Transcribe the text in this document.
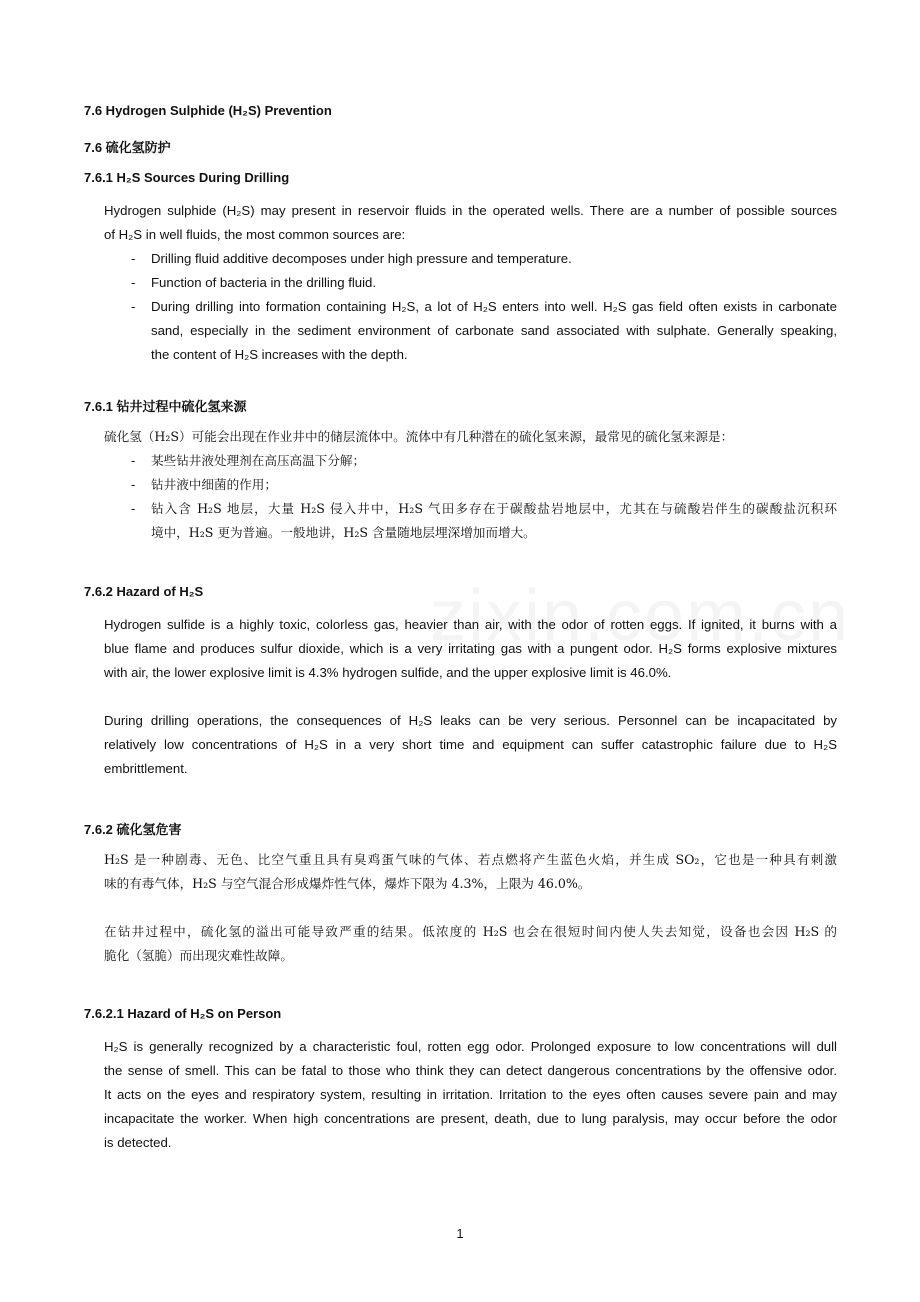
7.6 Hydrogen Sulphide (H₂S) Prevention
7.6 硫化氢防护
7.6.1 H₂S Sources During Drilling
Hydrogen sulphide (H₂S) may present in reservoir fluids in the operated wells. There are a number of possible sources
of H₂S in well fluids, the most common sources are:
- Drilling fluid additive decomposes under high pressure and temperature.
- Function of bacteria in the drilling fluid.
- During drilling into formation containing H₂S, a lot of H₂S enters into well. H₂S gas field often exists in carbonate
sand, especially in the sediment environment of carbonate sand associated with sulphate. Generally speaking,
the content of H₂S increases with the depth.
7.6.1 钻井过程中硫化氢来源
硫化氢（H₂S）可能会出现在作业井中的储层流体中。流体中有几种潜在的硫化氢来源，最常见的硫化氢来源是：
- 某些钻井液处理剂在高压高温下分解；
- 钻井液中细菌的作用；
- 钻入含 H₂S 地层，大量 H₂S 侵入井中，H₂S 气田多存在于碳酸盐岩地层中，尤其在与硫酸岩伴生的碳酸盐沉积环
境中，H₂S 更为普遍。一般地讲，H₂S 含量随地层埋深增加而增大。
7.6.2 Hazard of H₂S
Hydrogen sulfide is a highly toxic, colorless gas, heavier than air, with the odor of rotten eggs. If ignited, it burns with a
blue flame and produces sulfur dioxide, which is a very irritating gas with a pungent odor. H₂S forms explosive mixtures
with air, the lower explosive limit is 4.3% hydrogen sulfide, and the upper explosive limit is 46.0%.
During drilling operations, the consequences of H₂S leaks can be very serious. Personnel can be incapacitated by
relatively low concentrations of H₂S in a very short time and equipment can suffer catastrophic failure due to H₂S
embrittlement.
7.6.2 硫化氢危害
H₂S 是一种剧毒、无色、比空气重且具有臭鸡蛋气味的气体、若点燃将产生蓝色火焰，并生成 SO₂，它也是一种具有刺激
味的有毒气体，H₂S 与空气混合形成爆炸性气体，爆炸下限为 4.3%，上限为 46.0%。
在钻井过程中，硫化氢的溢出可能导致严重的结果。低浓度的 H₂S 也会在很短时间内使人失去知觉，设备也会因 H₂S 的
脆化（氢脆）而出现灾难性故障。
7.6.2.1 Hazard of H₂S on Person
H₂S is generally recognized by a characteristic foul, rotten egg odor. Prolonged exposure to low concentrations will dull
the sense of smell. This can be fatal to those who think they can detect dangerous concentrations by the offensive odor.
It acts on the eyes and respiratory system, resulting in irritation. Irritation to the eyes often causes severe pain and may
incapacitate the worker. When high concentrations are present, death, due to lung paralysis, may occur before the odor
is detected.
1
